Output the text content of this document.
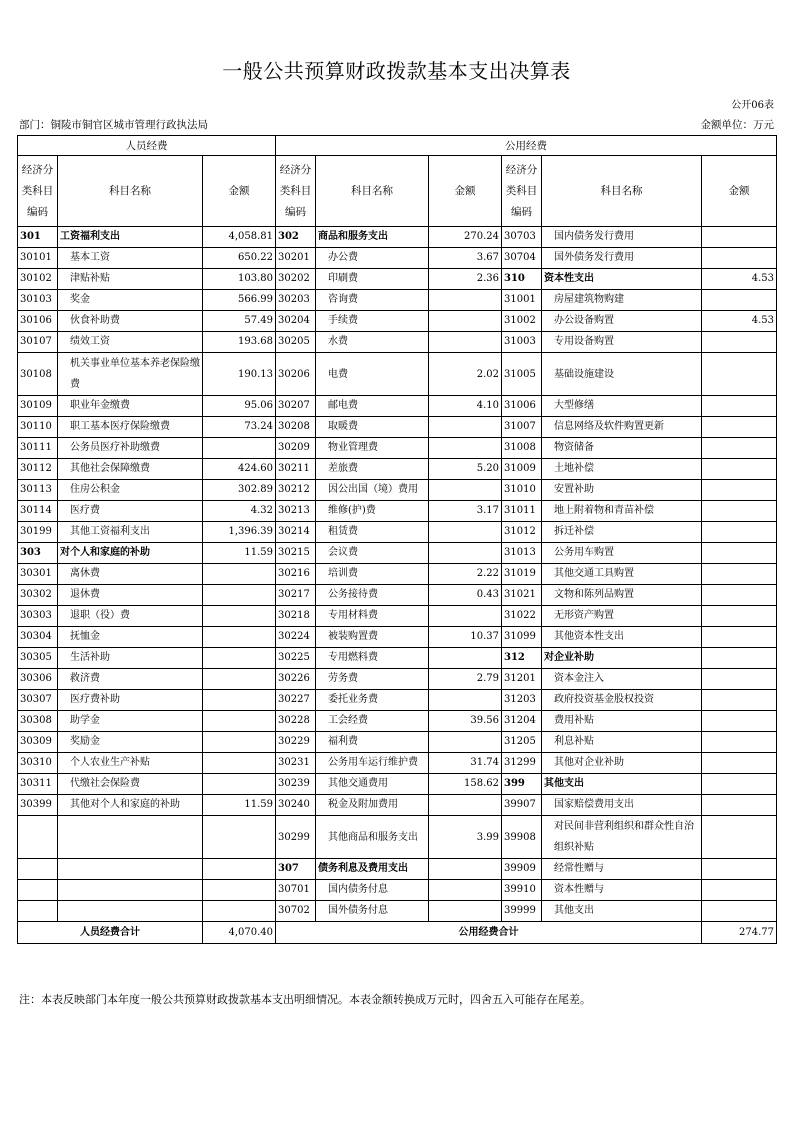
一般公共预算财政拨款基本支出决算表
公开06表
部门：铜陵市铜官区城市管理行政执法局	金额单位：万元
人员经费			公用经费					
经济分类科目编码	科目名称	金额	经济分类科目编码	科目名称	金额	经济分类科目编码	科目名称	金额
301	工资福利支出	4,058.81	302	商品和服务支出	270.24	30703	国内债务发行费用	
30101	基本工资	650.22	30201	办公费	3.67	30704	国外债务发行费用	
30102	津贴补贴	103.80	30202	印刷费	2.36	310	资本性支出	4.53
30103	奖金	566.99	30203	咨询费		31001	房屋建筑物购建	
30106	伙食补助费	57.49	30204	手续费		31002	办公设备购置	4.53
30107	绩效工资	193.68	30205	水费		31003	专用设备购置	
30108	机关事业单位基本养老保险缴费	190.13	30206	电费	2.02	31005	基础设施建设	
30109	职业年金缴费	95.06	30207	邮电费	4.10	31006	大型修缮	
30110	职工基本医疗保险缴费	73.24	30208	取暖费		31007	信息网络及软件购置更新	
30111	公务员医疗补助缴费		30209	物业管理费		31008	物资储备	
30112	其他社会保障缴费	424.60	30211	差旅费	5.20	31009	土地补偿	
30113	住房公积金	302.89	30212	因公出国（境）费用		31010	安置补助	
30114	医疗费	4.32	30213	维修(护)费	3.17	31011	地上附着物和青苗补偿	
30199	其他工资福利支出	1,396.39	30214	租赁费		31012	拆迁补偿	
303	对个人和家庭的补助	11.59	30215	会议费		31013	公务用车购置	
30301	离休费		30216	培训费	2.22	31019	其他交通工具购置	
30302	退休费		30217	公务接待费	0.43	31021	文物和陈列品购置	
30303	退职（役）费		30218	专用材料费		31022	无形资产购置	
30304	抚恤金		30224	被装购置费	10.37	31099	其他资本性支出	
30305	生活补助		30225	专用燃料费		312	对企业补助	
30306	救济费		30226	劳务费	2.79	31201	资本金注入	
30307	医疗费补助		30227	委托业务费		31203	政府投资基金股权投资	
30308	助学金		30228	工会经费	39.56	31204	费用补贴	
30309	奖励金		30229	福利费		31205	利息补贴	
30310	个人农业生产补贴		30231	公务用车运行维护费	31.74	31299	其他对企业补助	
30311	代缴社会保险费		30239	其他交通费用	158.62	399	其他支出	
30399	其他对个人和家庭的补助	11.59	30240	税金及附加费用		39907	国家赔偿费用支出	
			30299	其他商品和服务支出	3.99	39908	对民间非营利组织和群众性自治组织补贴	
			307	债务利息及费用支出		39909	经常性赠与	
			30701	国内债务付息		39910	资本性赠与	
			30702	国外债务付息		39999	其他支出	
人员经费合计		4,070.40	公用经费合计					274.77
注：本表反映部门本年度一般公共预算财政拨款基本支出明细情况。本表金额转换成万元时，四舍五入可能存在尾差。
